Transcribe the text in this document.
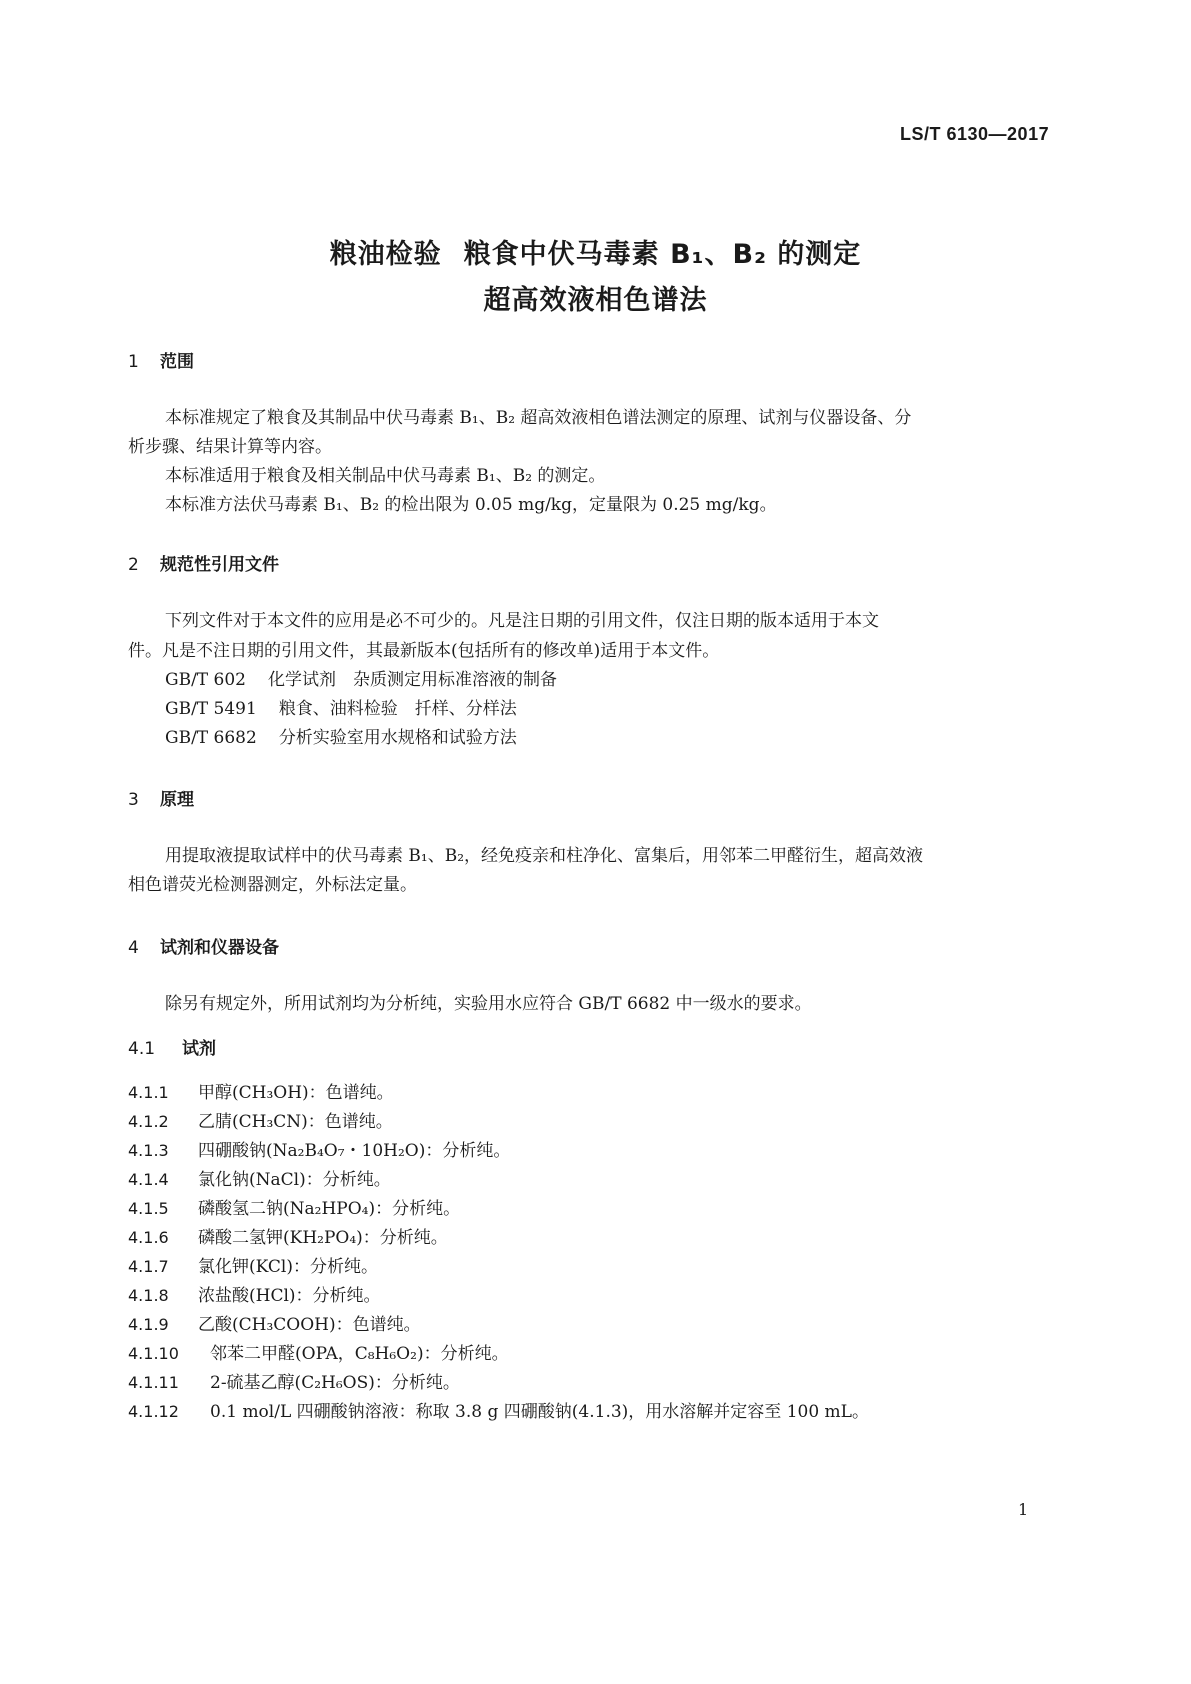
LS/T 6130—2017
粮油检验 粮食中伏马毒素 B₁、B₂ 的测定
超高效液相色谱法
1 范围
本标准规定了粮食及其制品中伏马毒素 B₁、B₂ 超高效液相色谱法测定的原理、试剂与仪器设备、分
析步骤、结果计算等内容。
本标准适用于粮食及相关制品中伏马毒素 B₁、B₂ 的测定。
本标准方法伏马毒素 B₁、B₂ 的检出限为 0.05 mg/kg，定量限为 0.25 mg/kg。
2 规范性引用文件
下列文件对于本文件的应用是必不可少的。凡是注日期的引用文件，仅注日期的版本适用于本文
件。凡是不注日期的引用文件，其最新版本(包括所有的修改单)适用于本文件。
GB/T 602 化学试剂　杂质测定用标准溶液的制备
GB/T 5491 粮食、油料检验　扦样、分样法
GB/T 6682 分析实验室用水规格和试验方法
3 原理
用提取液提取试样中的伏马毒素 B₁、B₂，经免疫亲和柱净化、富集后，用邻苯二甲醛衍生，超高效液
相色谱荧光检测器测定，外标法定量。
4 试剂和仪器设备
除另有规定外，所用试剂均为分析纯，实验用水应符合 GB/T 6682 中一级水的要求。
4.1 试剂
4.1.1 甲醇(CH₃OH)：色谱纯。
4.1.2 乙腈(CH₃CN)：色谱纯。
4.1.3 四硼酸钠(Na₂B₄O₇・10H₂O)：分析纯。
4.1.4 氯化钠(NaCl)：分析纯。
4.1.5 磷酸氢二钠(Na₂HPO₄)：分析纯。
4.1.6 磷酸二氢钾(KH₂PO₄)：分析纯。
4.1.7 氯化钾(KCl)：分析纯。
4.1.8 浓盐酸(HCl)：分析纯。
4.1.9 乙酸(CH₃COOH)：色谱纯。
4.1.10 邻苯二甲醛(OPA，C₈H₆O₂)：分析纯。
4.1.11 2-硫基乙醇(C₂H₆OS)：分析纯。
4.1.12 0.1 mol/L 四硼酸钠溶液：称取 3.8 g 四硼酸钠(4.1.3)，用水溶解并定容至 100 mL。
1
